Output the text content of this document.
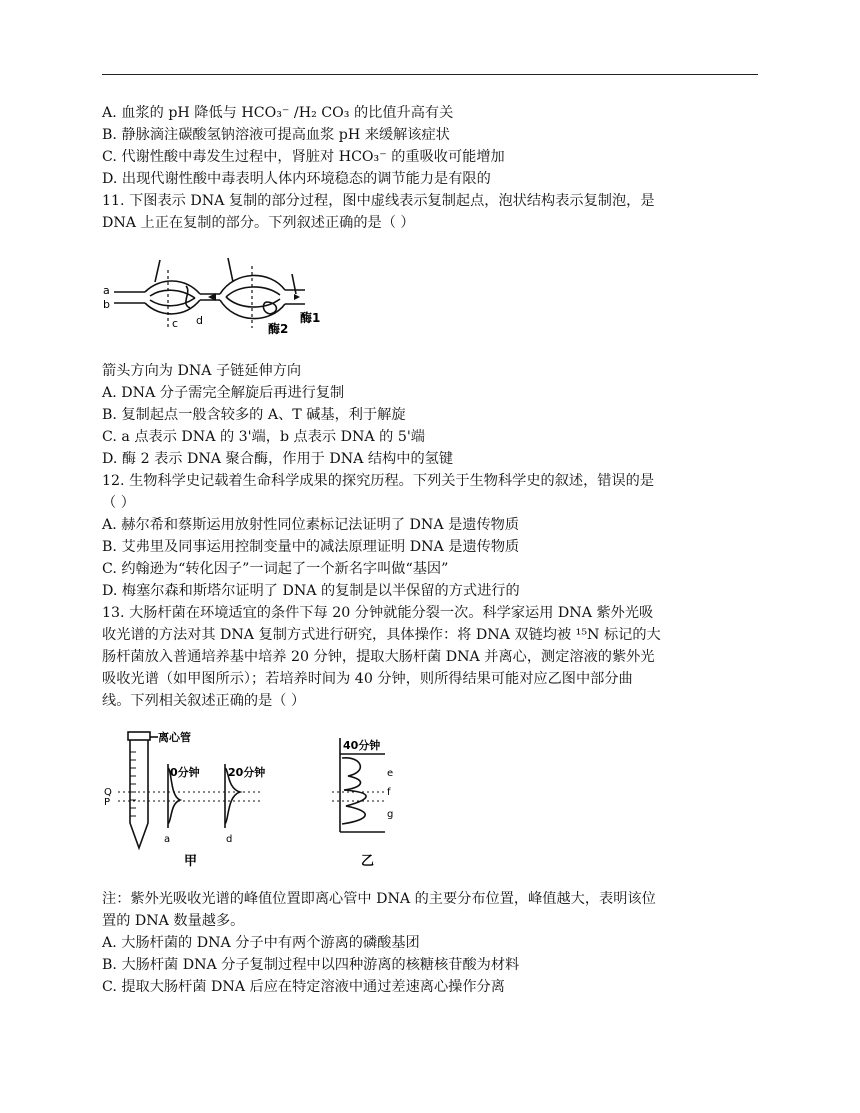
A. 血浆的 pH 降低与 HCO₃⁻ /H₂ CO₃ 的比值升高有关
B. 静脉滴注碳酸氢钠溶液可提高血浆 pH 来缓解该症状
C. 代谢性酸中毒发生过程中，肾脏对 HCO₃⁻ 的重吸收可能增加
D. 出现代谢性酸中毒表明人体内环境稳态的调节能力是有限的
11. 下图表示 DNA 复制的部分过程，图中虚线表示复制起点，泡状结构表示复制泡，是
DNA 上正在复制的部分。下列叙述正确的是（ ）
a
b
c d
酶2
酶1
箭头方向为 DNA 子链延伸方向
A. DNA 分子需完全解旋后再进行复制
B. 复制起点一般含较多的 A、T 碱基，利于解旋
C. a 点表示 DNA 的 3'端，b 点表示 DNA 的 5'端
D. 酶 2 表示 DNA 聚合酶，作用于 DNA 结构中的氢键
12. 生物科学史记载着生命科学成果的探究历程。下列关于生物科学史的叙述，错误的是
（ ）
A. 赫尔希和蔡斯运用放射性同位素标记法证明了 DNA 是遗传物质
B. 艾弗里及同事运用控制变量中的减法原理证明 DNA 是遗传物质
C. 约翰逊为“转化因子”一词起了一个新名字叫做“基因”
D. 梅塞尔森和斯塔尔证明了 DNA 的复制是以半保留的方式进行的
13. 大肠杆菌在环境适宜的条件下每 20 分钟就能分裂一次。科学家运用 DNA 紫外光吸
收光谱的方法对其 DNA 复制方式进行研究，具体操作：将 DNA 双链均被 ¹⁵N 标记的大
肠杆菌放入普通培养基中培养 20 分钟，提取大肠杆菌 DNA 并离心，测定溶液的紫外光
吸收光谱（如甲图所示）；若培养时间为 40 分钟，则所得结果可能对应乙图中部分曲
线。下列相关叙述正确的是（ ）
离心管
Q
P
0分钟	20分钟
a	d
甲
40分钟
e
f
g
乙
注：紫外光吸收光谱的峰值位置即离心管中 DNA 的主要分布位置，峰值越大，表明该位
置的 DNA 数量越多。
A. 大肠杆菌的 DNA 分子中有两个游离的磷酸基团
B. 大肠杆菌 DNA 分子复制过程中以四种游离的核糖核苷酸为材料
C. 提取大肠杆菌 DNA 后应在特定溶液中通过差速离心操作分离
